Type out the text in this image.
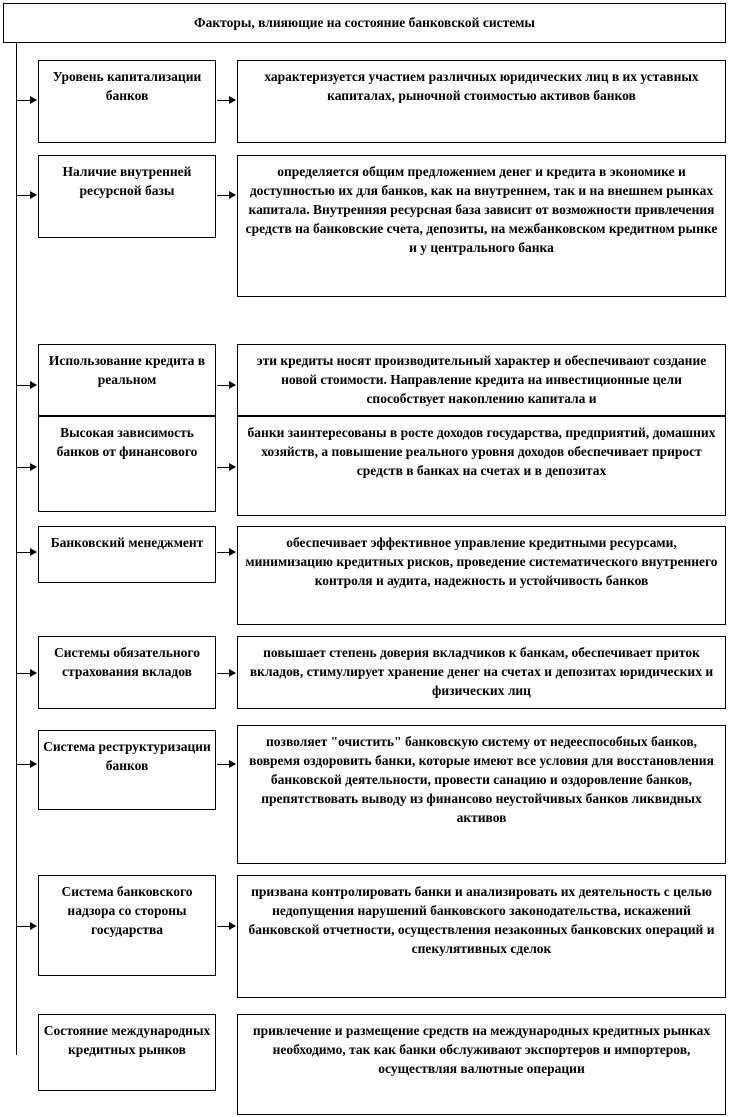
Факторы, влияющие на состояние банковской системы
Уровень капитализации банков
характеризуется участием различных юридических лиц в их уставных капиталах, рыночной стоимостью активов банков
Наличие внутренней ресурсной базы
определяется общим предложением денег и кредита в экономике и доступностью их для банков, как на внутреннем, так и на внешнем рынках капитала. Внутренняя ресурсная база зависит от возможности привлечения средств на банковские счета, депозиты, на межбанковском кредитном рынке и у центрального банка
Использование кредита в реальном
эти кредиты носят производительный характер и обеспечивают создание новой стоимости. Направление кредита на инвестиционные цели способствует накоплению капитала и
Высокая зависимость банков от финансового
банки заинтересованы в росте доходов государства, предприятий, домашних хозяйств, а повышение реального уровня доходов обеспечивает прирост средств в банках на счетах и в депозитах
Банковский менеджмент	обеспечивает эффективное управление кредитными ресурсами, минимизацию кредитных рисков, проведение систематического внутреннего контроля и аудита, надежность и устойчивость банков
Системы обязательного страхования вкладов
повышает степень доверия вкладчиков к банкам, обеспечивает приток вкладов, стимулирует хранение денег на счетах и депозитах юридических и физических лиц
Система реструктуризации банков
позволяет "очистить" банковскую систему от недееспособных банков, вовремя оздоровить банки, которые имеют все условия для восстановления банковской деятельности, провести санацию и оздоровление банков, препятствовать выводу из финансово неустойчивых банков ликвидных активов
Система банковского надзора со стороны государства
призвана контролировать банки и анализировать их деятельность с целью недопущения нарушений банковского законодательства, искажений банковской отчетности, осуществления незаконных банковских операций и спекулятивных сделок
Состояние международных кредитных рынков
привлечение и размещение средств на международных кредитных рынках необходимо, так как банки обслуживают экспортеров и импортеров, осуществляя валютные операции
